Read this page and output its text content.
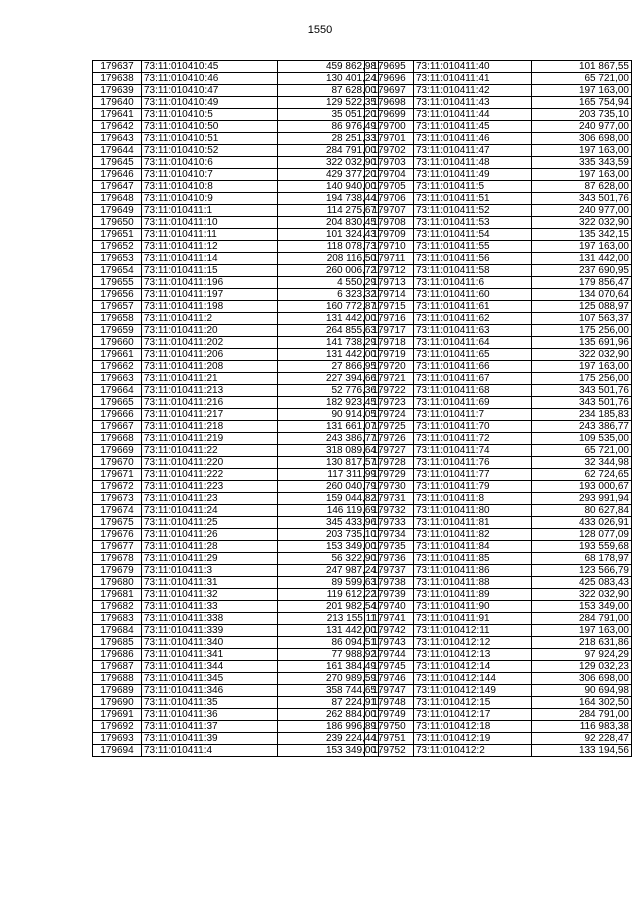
1550
179637	73:11:010410:45	459 862,98
179638	73:11:010410:46	130 401,24
179639	73:11:010410:47	87 628,00
179640	73:11:010410:49	129 522,35
179641	73:11:010410:5	35 051,20
179642	73:11:010410:50	86 976,49
179643	73:11:010410:51	28 251,33
179644	73:11:010410:52	284 791,00
179645	73:11:010410:6	322 032,90
179646	73:11:010410:7	429 377,20
179647	73:11:010410:8	140 940,00
179648	73:11:010410:9	194 738,44
179649	73:11:010411:1	114 275,67
179650	73:11:010411:10	204 830,45
179651	73:11:010411:11	101 324,43
179652	73:11:010411:12	118 078,73
179653	73:11:010411:14	208 116,50
179654	73:11:010411:15	260 006,72
179655	73:11:010411:196	4 550,29
179656	73:11:010411:197	6 323,32
179657	73:11:010411:198	160 772,87
179658	73:11:010411:2	131 442,00
179659	73:11:010411:20	264 855,63
179660	73:11:010411:202	141 738,29
179661	73:11:010411:206	131 442,00
179662	73:11:010411:208	27 866,95
179663	73:11:010411:21	227 394,66
179664	73:11:010411:213	52 776,36
179665	73:11:010411:216	182 923,45
179666	73:11:010411:217	90 914,05
179667	73:11:010411:218	131 661,07
179668	73:11:010411:219	243 386,77
179669	73:11:010411:22	318 089,64
179670	73:11:010411:220	130 817,57
179671	73:11:010411:222	117 311,99
179672	73:11:010411:223	260 040,79
179673	73:11:010411:23	159 044,82
179674	73:11:010411:24	146 119,69
179675	73:11:010411:25	345 433,96
179676	73:11:010411:26	203 735,10
179677	73:11:010411:28	153 349,00
179678	73:11:010411:29	56 322,90
179679	73:11:010411:3	247 987,24
179680	73:11:010411:31	89 599,63
179681	73:11:010411:32	119 612,22
179682	73:11:010411:33	201 982,54
179683	73:11:010411:338	213 155,11
179684	73:11:010411:339	131 442,00
179685	73:11:010411:340	86 094,51
179686	73:11:010411:341	77 988,92
179687	73:11:010411:344	161 384,49
179688	73:11:010411:345	270 989,59
179689	73:11:010411:346	358 744,65
179690	73:11:010411:35	87 224,91
179691	73:11:010411:36	262 884,00
179692	73:11:010411:37	186 996,89
179693	73:11:010411:39	239 224,44
179694	73:11:010411:4	153 349,00
179695	73:11:010411:40	101 867,55
179696	73:11:010411:41	65 721,00
179697	73:11:010411:42	197 163,00
179698	73:11:010411:43	165 754,94
179699	73:11:010411:44	203 735,10
179700	73:11:010411:45	240 977,00
179701	73:11:010411:46	306 698,00
179702	73:11:010411:47	197 163,00
179703	73:11:010411:48	335 343,59
179704	73:11:010411:49	197 163,00
179705	73:11:010411:5	87 628,00
179706	73:11:010411:51	343 501,76
179707	73:11:010411:52	240 977,00
179708	73:11:010411:53	322 032,90
179709	73:11:010411:54	135 342,15
179710	73:11:010411:55	197 163,00
179711	73:11:010411:56	131 442,00
179712	73:11:010411:58	237 690,95
179713	73:11:010411:6	179 856,47
179714	73:11:010411:60	134 070,64
179715	73:11:010411:61	125 088,97
179716	73:11:010411:62	107 563,37
179717	73:11:010411:63	175 256,00
179718	73:11:010411:64	135 691,96
179719	73:11:010411:65	322 032,90
179720	73:11:010411:66	197 163,00
179721	73:11:010411:67	175 256,00
179722	73:11:010411:68	343 501,76
179723	73:11:010411:69	343 501,76
179724	73:11:010411:7	234 185,83
179725	73:11:010411:70	243 386,77
179726	73:11:010411:72	109 535,00
179727	73:11:010411:74	65 721,00
179728	73:11:010411:76	32 344,98
179729	73:11:010411:77	62 724,65
179730	73:11:010411:79	193 000,67
179731	73:11:010411:8	293 991,94
179732	73:11:010411:80	80 627,84
179733	73:11:010411:81	433 026,91
179734	73:11:010411:82	128 077,09
179735	73:11:010411:84	193 559,68
179736	73:11:010411:85	68 178,97
179737	73:11:010411:86	123 566,79
179738	73:11:010411:88	425 083,43
179739	73:11:010411:89	322 032,90
179740	73:11:010411:90	153 349,00
179741	73:11:010411:91	284 791,00
179742	73:11:010412:11	197 163,00
179743	73:11:010412:12	218 631,86
179744	73:11:010412:13	97 924,29
179745	73:11:010412:14	129 032,23
179746	73:11:010412:144	306 698,00
179747	73:11:010412:149	90 694,98
179748	73:11:010412:15	164 302,50
179749	73:11:010412:17	284 791,00
179750	73:11:010412:18	116 983,38
179751	73:11:010412:19	92 228,47
179752	73:11:010412:2	133 194,56
